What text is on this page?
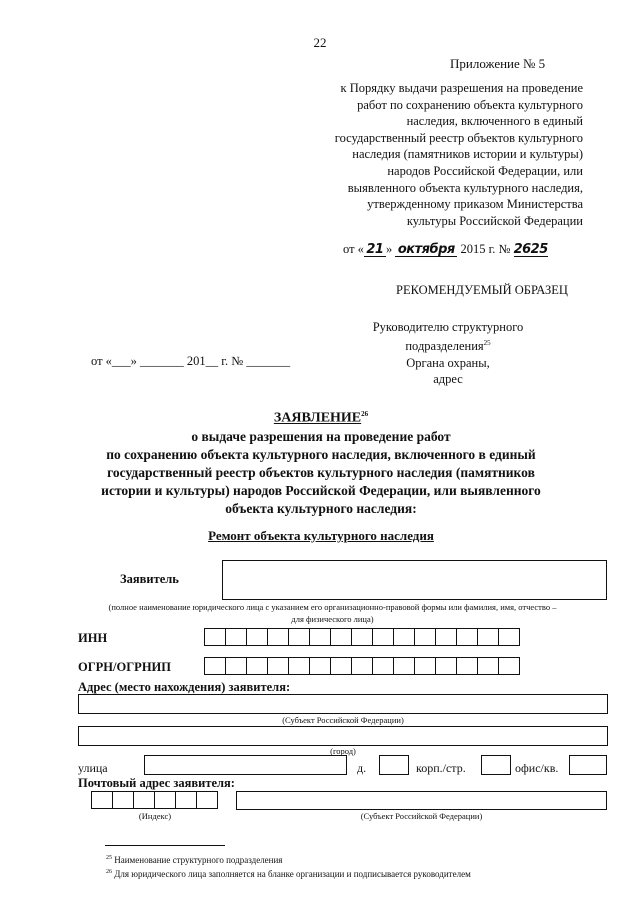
22
Приложение № 5
к Порядку выдачи разрешения на проведение
работ по сохранению объекта культурного
наследия, включенного в единый
государственный реестр объектов культурного
наследия (памятников истории и культуры)
народов Российской Федерации, или
выявленного объекта культурного наследия,
утвержденному приказом Министерства
культуры Российской Федерации
от « 21 » октября 2015 г. № 2625
РЕКОМЕНДУЕМЫЙ ОБРАЗЕЦ
Руководителю структурного
подразделения$^{25}$
Органа охраны,
адрес
от «___» _______ 201__ г. № _______
ЗАЯВЛЕНИЕ$^{26}$
о выдаче разрешения на проведение работ
по сохранению объекта культурного наследия, включенного в единый
государственный реестр объектов культурного наследия (памятников
истории и культуры) народов Российской Федерации, или выявленного
объекта культурного наследия:
Ремонт объекта культурного наследия
Заявитель
(полное наименование юридического лица с указанием его организационно-правовой формы или фамилия, имя, отчество –
для физического лица)
ИНН
ОГРН/ОГРНИП
Адрес (место нахождения) заявителя:
(Субъект Российской Федерации)
(город)
улица	д.	корп./стр.	офис/кв.
Почтовый адрес заявителя:
(Индекс)	(Субъект Российской Федерации)
$^{25}$ Наименование структурного подразделения
$^{26}$ Для юридического лица заполняется на бланке организации и подписывается руководителем
